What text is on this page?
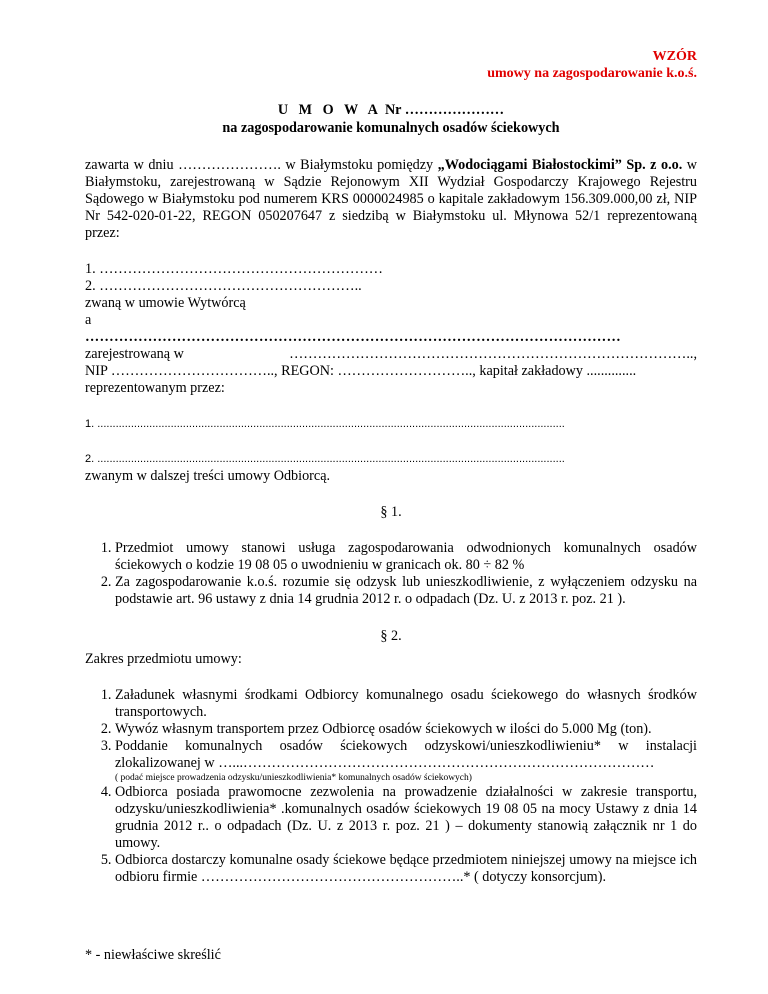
WZÓR
umowy na zagospodarowanie k.o.ś.
U M O W A Nr …………………
na zagospodarowanie komunalnych osadów ściekowych

zawarta w dniu …………………. w Białymstoku pomiędzy „Wodociągami Białostockimi” Sp. z o.o. w Białymstoku, zarejestrowaną w Sądzie Rejonowym XII Wydział Gospodarczy Krajowego Rejestru Sądowego w Białymstoku pod numerem KRS 0000024985 o kapitale zakładowym 156.309.000,00 zł, NIP Nr 542-020-01-22, REGON 050207647 z siedzibą w Białymstoku ul. Młynowa 52/1 reprezentowaną przez:

1. ……………………………………………………
2. ………………………………………………..
zwaną w umowie Wytwórcą
a
…………………………………………………………………………………………………
zarejestrowaną w	…………………………………………………………………………..,
NIP …………………………….., REGON: ……………………….., kapitał zakładowy ..............
reprezentowanym przez:
1. .........................................................................................................................................................
2. .........................................................................................................................................................
zwanym w dalszej treści umowy Odbiorcą.
§ 1.
1. Przedmiot umowy stanowi usługa zagospodarowania odwodnionych komunalnych osadów ściekowych o kodzie 19 08 05 o uwodnieniu w granicach ok. 80 ÷ 82 %
2. Za zagospodarowanie k.o.ś. rozumie się odzysk lub unieszkodliwienie, z wyłączeniem odzysku na podstawie art. 96 ustawy z dnia 14 grudnia 2012 r. o odpadach (Dz. U. z 2013 r. poz. 21 ).
§ 2.
Zakres przedmiotu umowy:
1. Załadunek własnymi środkami Odbiorcy komunalnego osadu ściekowego do własnych środków transportowych.
2. Wywóz własnym transportem przez Odbiorcę osadów ściekowych w ilości do 5.000 Mg (ton).
3. Poddanie komunalnych osadów ściekowych odzyskowi/unieszkodliwieniu* w instalacji zlokalizowanej w …...……………………………………………………………………………
( podać miejsce prowadzenia odzysku/unieszkodliwienia* komunalnych osadów ściekowych)
4. Odbiorca posiada prawomocne zezwolenia na prowadzenie działalności w zakresie transportu, odzysku/unieszkodliwienia* .komunalnych osadów ściekowych 19 08 05 na mocy Ustawy z dnia 14 grudnia 2012 r.. o odpadach (Dz. U. z 2013 r. poz. 21 ) – dokumenty stanowią załącznik nr 1 do umowy.
5. Odbiorca dostarczy komunalne osady ściekowe będące przedmiotem niniejszej umowy na miejsce ich odbioru firmie ………………………………………………..* ( dotyczy konsorcjum).
* - niewłaściwe skreślić
